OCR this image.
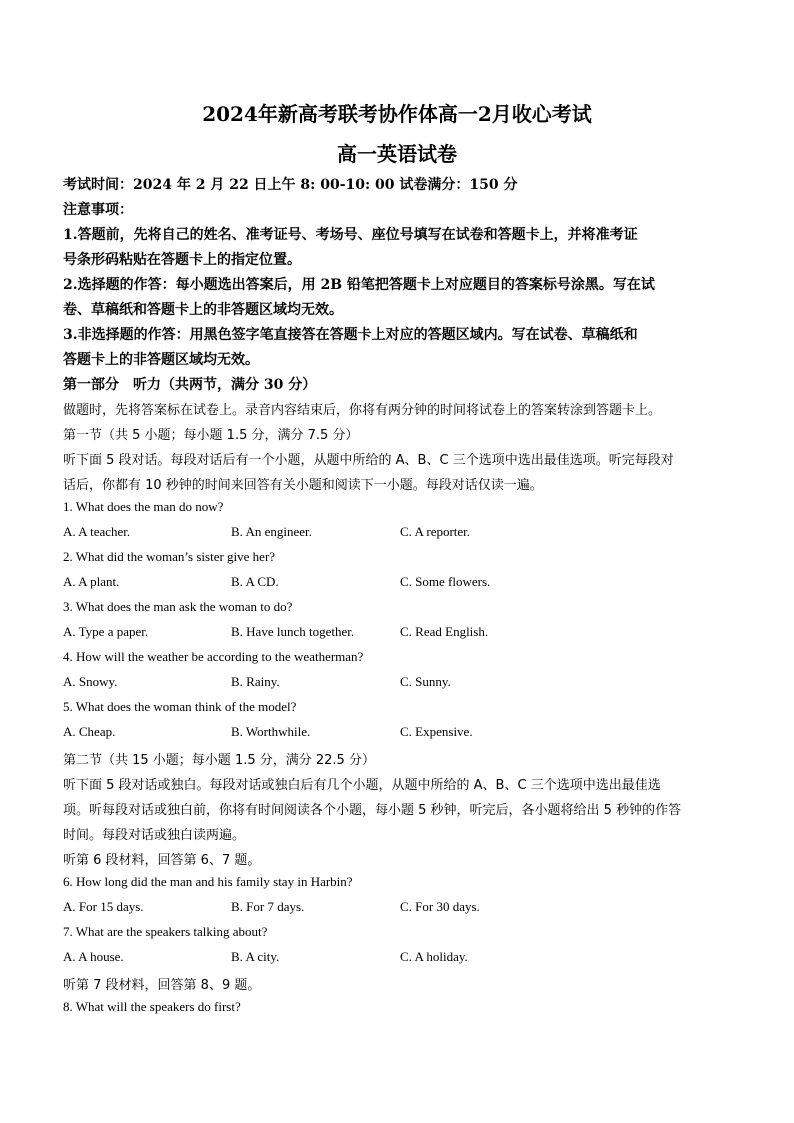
2024年新高考联考协作体高一2月收心考试
高一英语试卷
考试时间：2024 年 2 月 22 日上午 8: 00-10: 00 试卷满分：150 分
注意事项：
1.答题前，先将自己的姓名、准考证号、考场号、座位号填写在试卷和答题卡上，并将准考证
号条形码粘贴在答题卡上的指定位置。
2.选择题的作答：每小题选出答案后，用 2B 铅笔把答题卡上对应题目的答案标号涂黑。写在试
卷、草稿纸和答题卡上的非答题区域均无效。
3.非选择题的作答：用黑色签字笔直接答在答题卡上对应的答题区域内。写在试卷、草稿纸和
答题卡上的非答题区域均无效。
第一部分　听力（共两节，满分 30 分）
做题时，先将答案标在试卷上。录音内容结束后，你将有两分钟的时间将试卷上的答案转涂到答题卡上。
第一节（共 5 小题；每小题 1.5 分，满分 7.5 分）
听下面 5 段对话。每段对话后有一个小题，从题中所给的 A、B、C 三个选项中选出最佳选项。听完每段对
话后，你都有 10 秒钟的时间来回答有关小题和阅读下一小题。每段对话仅读一遍。
1. What does the man do now?
A. A teacher.	B. An engineer.	C. A reporter.
2. What did the woman’s sister give her?
A. A plant.	B. A CD.	C. Some flowers.
3. What does the man ask the woman to do?
A. Type a paper.	B. Have lunch together.	C. Read English.
4. How will the weather be according to the weatherman?
A. Snowy.	B. Rainy.	C. Sunny.
5. What does the woman think of the model?
A. Cheap.	B. Worthwhile.	C. Expensive.
第二节（共 15 小题；每小题 1.5 分，满分 22.5 分）
听下面 5 段对话或独白。每段对话或独白后有几个小题，从题中所给的 A、B、C 三个选项中选出最佳选
项。听每段对话或独白前，你将有时间阅读各个小题，每小题 5 秒钟，听完后，各小题将给出 5 秒钟的作答
时间。每段对话或独白读两遍。
听第 6 段材料，回答第 6、7 题。
6. How long did the man and his family stay in Harbin?
A. For 15 days.	B. For 7 days.	C. For 30 days.
7. What are the speakers talking about?
A. A house.	B. A city.	C. A holiday.
听第 7 段材料，回答第 8、9 题。
8. What will the speakers do first?
